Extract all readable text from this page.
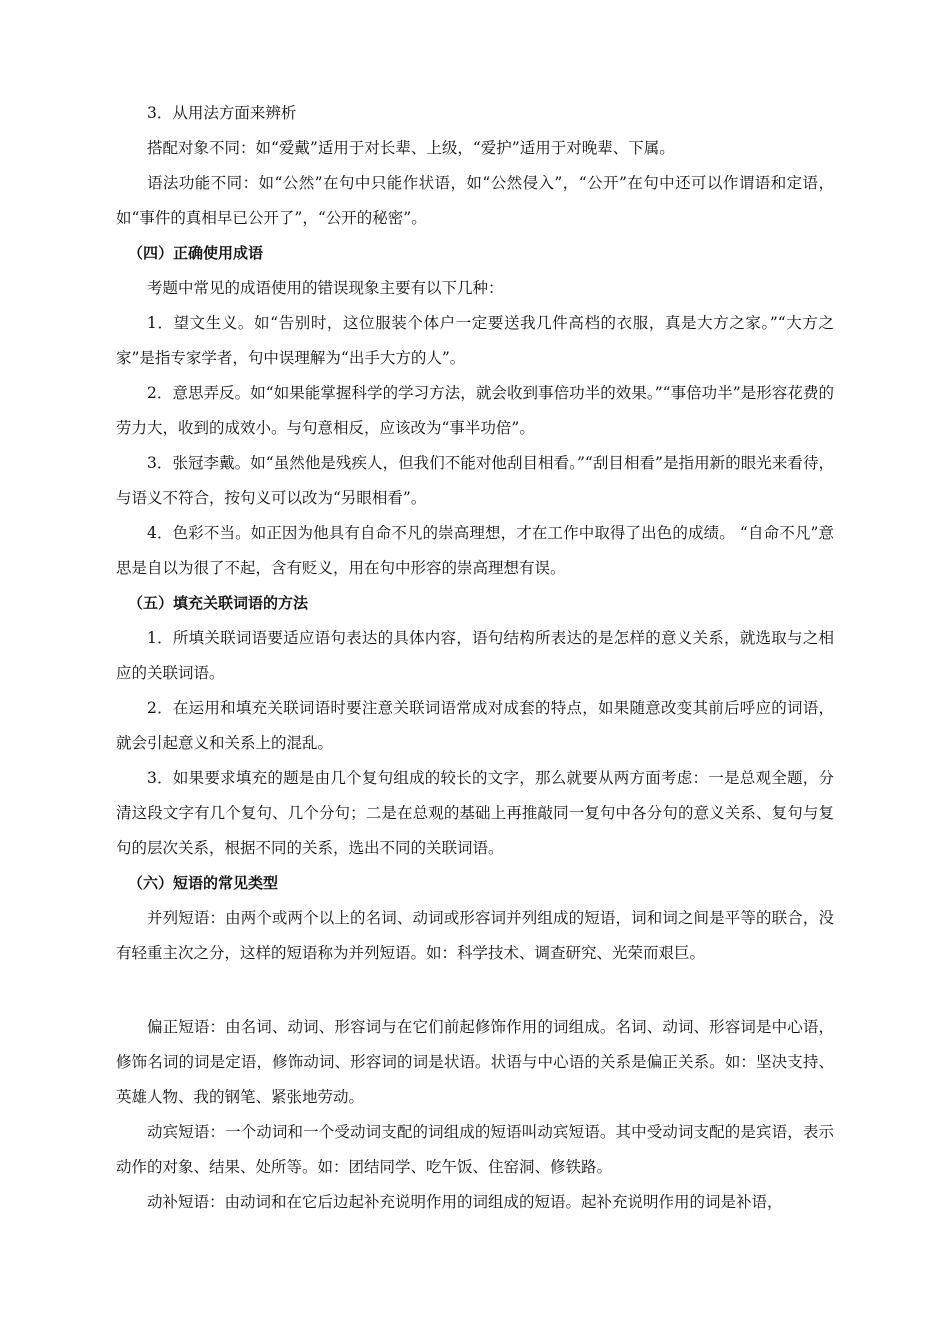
3．从用法方面来辨析

搭配对象不同：如“爱戴”适用于对长辈、上级，“爱护”适用于对晚辈、下属。

语法功能不同：如“公然”在句中只能作状语，如“公然侵入”，“公开”在句中还可以作谓语和定语，如“事件的真相早已公开了”，“公开的秘密”。

（四）正确使用成语

考题中常见的成语使用的错误现象主要有以下几种：

1．望文生义。如“告别时，这位服装个体户一定要送我几件高档的衣服，真是大方之家。”“大方之家”是指专家学者，句中误理解为“出手大方的人”。

2．意思弄反。如“如果能掌握科学的学习方法，就会收到事倍功半的效果。”“事倍功半”是形容花费的劳力大，收到的成效小。与句意相反，应该改为“事半功倍”。

3．张冠李戴。如“虽然他是残疾人，但我们不能对他刮目相看。”“刮目相看”是指用新的眼光来看待，与语义不符合，按句义可以改为“另眼相看”。

4．色彩不当。如正因为他具有自命不凡的崇高理想，才在工作中取得了出色的成绩。 “自命不凡”意思是自以为很了不起，含有贬义，用在句中形容的崇高理想有误。

（五）填充关联词语的方法

1．所填关联词语要适应语句表达的具体内容，语句结构所表达的是怎样的意义关系，就选取与之相应的关联词语。

2．在运用和填充关联词语时要注意关联词语常成对成套的特点，如果随意改变其前后呼应的词语，就会引起意义和关系上的混乱。

3．如果要求填充的题是由几个复句组成的较长的文字，那么就要从两方面考虑：一是总观全题，分清这段文字有几个复句、几个分句；二是在总观的基础上再推敲同一复句中各分句的意义关系、复句与复句的层次关系，根据不同的关系，选出不同的关联词语。

（六）短语的常见类型

并列短语：由两个或两个以上的名词、动词或形容词并列组成的短语，词和词之间是平等的联合，没有轻重主次之分，这样的短语称为并列短语。如：科学技术、调查研究、光荣而艰巨。

偏正短语：由名词、动词、形容词与在它们前起修饰作用的词组成。名词、动词、形容词是中心语，修饰名词的词是定语，修饰动词、形容词的词是状语。状语与中心语的关系是偏正关系。如：坚决支持、英雄人物、我的钢笔、紧张地劳动。

动宾短语：一个动词和一个受动词支配的词组成的短语叫动宾短语。其中受动词支配的是宾语，表示动作的对象、结果、处所等。如：团结同学、吃午饭、住窑洞、修铁路。

动补短语：由动词和在它后边起补充说明作用的词组成的短语。起补充说明作用的词是补语，
